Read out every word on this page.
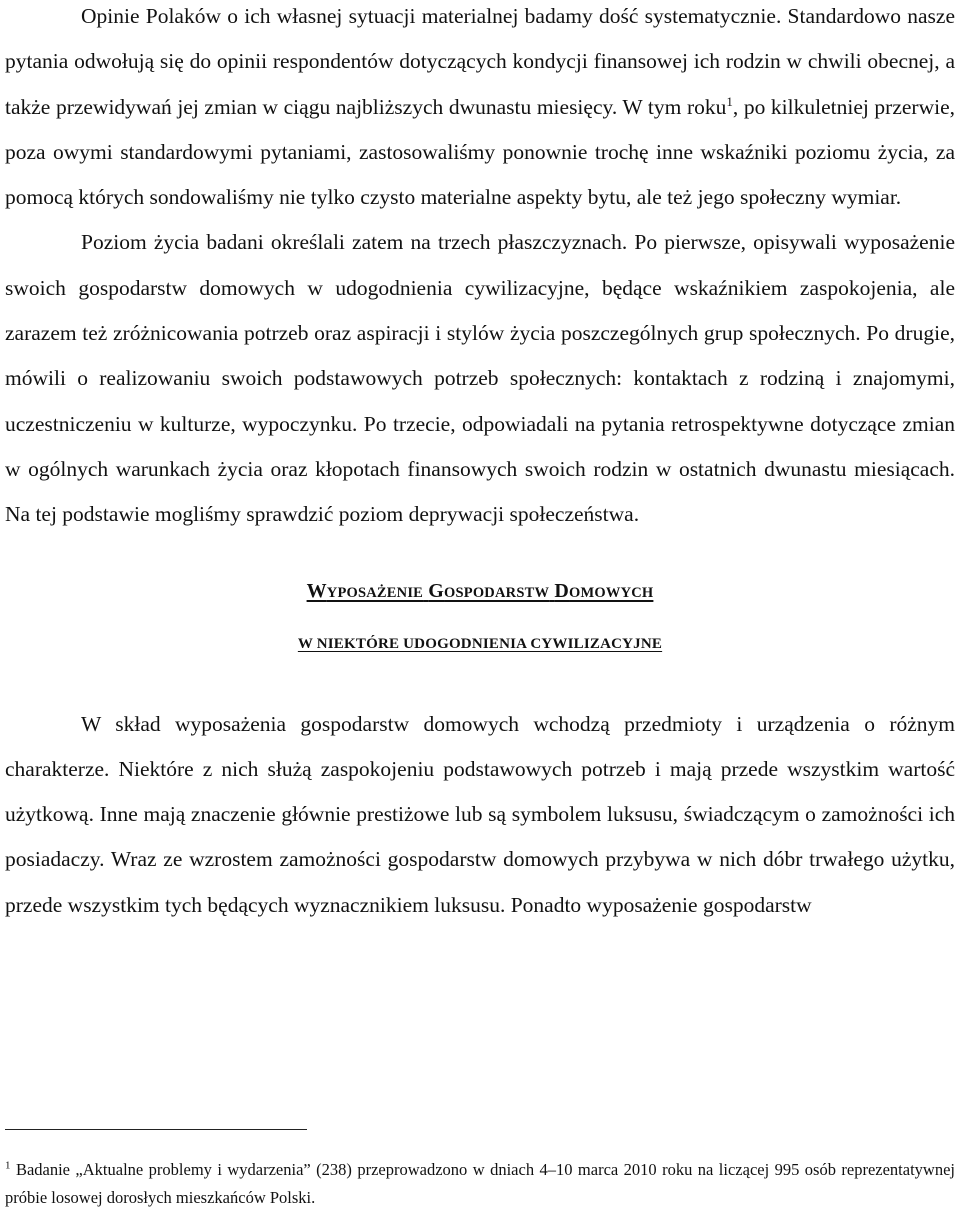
Opinie Polaków o ich własnej sytuacji materialnej badamy dość systematycznie. Standardowo nasze pytania odwołują się do opinii respondentów dotyczących kondycji finansowej ich rodzin w chwili obecnej, a także przewidywań jej zmian w ciągu najbliższych dwunastu miesięcy. W tym roku$^1$, po kilkuletniej przerwie, poza owymi standardowymi pytaniami, zastosowaliśmy ponownie trochę inne wskaźniki poziomu życia, za pomocą których sondowaliśmy nie tylko czysto materialne aspekty bytu, ale też jego społeczny wymiar.

Poziom życia badani określali zatem na trzech płaszczyznach. Po pierwsze, opisywali wyposażenie swoich gospodarstw domowych w udogodnienia cywilizacyjne, będące wskaźnikiem zaspokojenia, ale zarazem też zróżnicowania potrzeb oraz aspiracji i stylów życia poszczególnych grup społecznych. Po drugie, mówili o realizowaniu swoich podstawowych potrzeb społecznych: kontaktach z rodziną i znajomymi, uczestniczeniu w kulturze, wypoczynku. Po trzecie, odpowiadali na pytania retrospektywne dotyczące zmian w ogólnych warunkach życia oraz kłopotach finansowych swoich rodzin w ostatnich dwunastu miesiącach. Na tej podstawie mogliśmy sprawdzić poziom deprywacji społeczeństwa.

WYPOSAŻENIE GOSPODARSTW DOMOWYCH
W NIEKTÓRE UDOGODNIENIA CYWILIZACYJNE

W skład wyposażenia gospodarstw domowych wchodzą przedmioty i urządzenia o różnym charakterze. Niektóre z nich służą zaspokojeniu podstawowych potrzeb i mają przede wszystkim wartość użytkową. Inne mają znaczenie głównie prestiżowe lub są symbolem luksusu, świadczącym o zamożności ich posiadaczy. Wraz ze wzrostem zamożności gospodarstw domowych przybywa w nich dóbr trwałego użytku, przede wszystkim tych będących wyznacznikiem luksusu. Ponadto wyposażenie gospodarstw

$^1$ Badanie „Aktualne problemy i wydarzenia” (238) przeprowadzono w dniach 4–10 marca 2010 roku na liczącej 995 osób reprezentatywnej próbie losowej dorosłych mieszkańców Polski.
